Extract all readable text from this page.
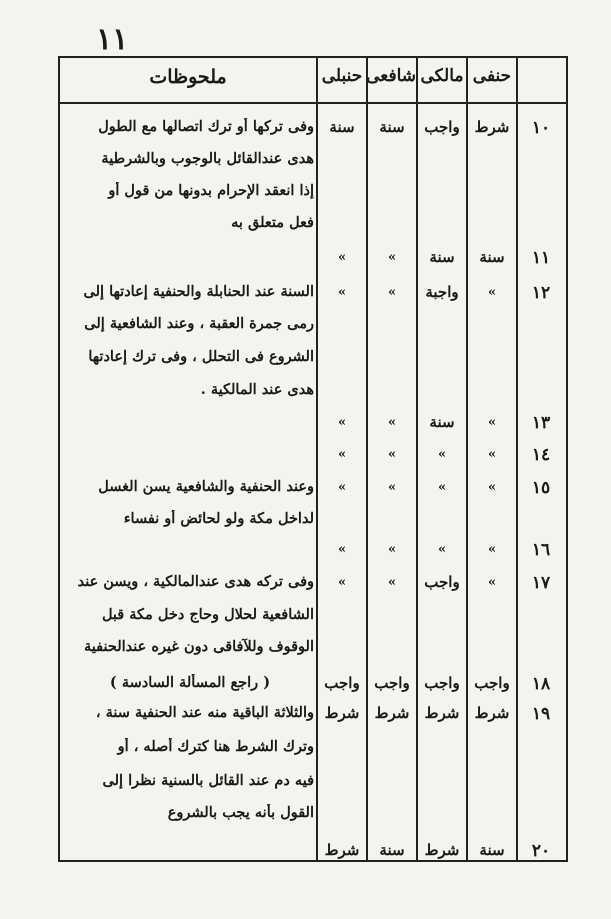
١١
حنفی
مالکی
شافعی
حنبلی
ملحوظات
١٠
شرط
واجب
سنة
سنة
١١
سنة
سنة
»
»
١٢
»
واجبة
»
»
١٣
»
سنة
»
»
١٤
»
»
»
»
١٥
»
»
»
»
١٦
»
»
»
»
١٧
»
واجب
»
»
١٨
واجب
واجب
واجب
واجب
١٩
شرط
شرط
شرط
شرط
٢٠
سنة
شرط
سنة
شرط
وفى تركها أو ترك اتصالها مع الطول
هدى عندالقائل بالوجوب وبالشرطية
إذا انعقد الإحرام بدونها من قول أو
فعل متعلق به
السنة عند الحنابلة والحنفية إعادتها إلى
رمى جمرة العقبة ، وعند الشافعية إلى
الشروع فى التحلل ، وفى ترك إعادتها
هدى عند المالكية .
وعند الحنفية والشافعية يسن الغسل
لداخل مكة ولو لحائض أو نفساء
وفى تركه هدى عندالمالكية ، ويسن عند
الشافعية لحلال وحاج دخل مكة قبل
الوقوف وللآفاقى دون غيره عندالحنفية
( راجع المسألة السادسة )
والثلاثة الباقية منه عند الحنفية سنة ،
وترك الشرط هنا كترك أصله ، أو
فيه دم عند القائل بالسنية نظرا إلى
القول بأنه يجب بالشروع
